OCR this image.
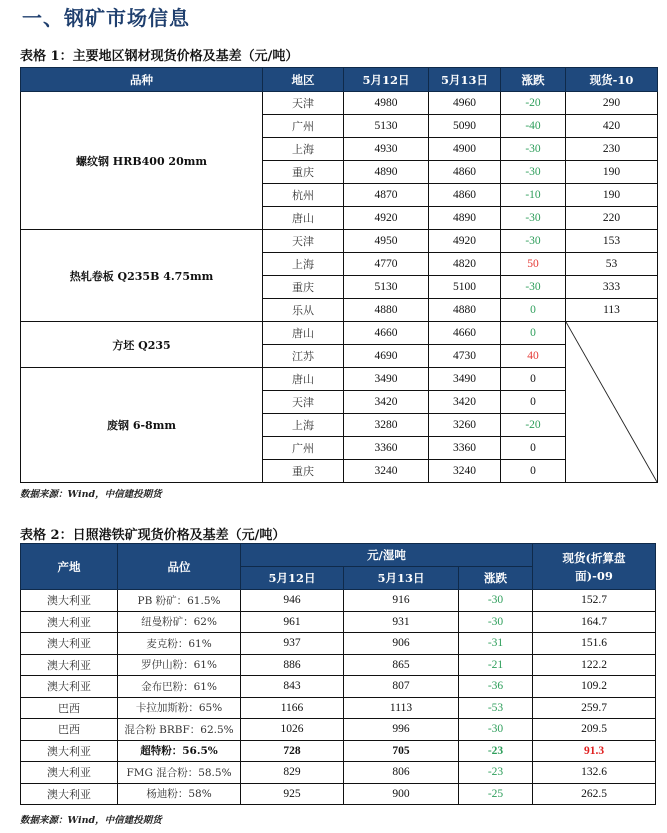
一、钢矿市场信息
表格 1：主要地区钢材现货价格及基差（元/吨）
品种	地区	5月12日	5月13日	涨跌	现货-10
螺纹钢 HRB400 20mm	天津	4980	4960	-20	290
	广州	5130	5090	-40	420
	上海	4930	4900	-30	230
	重庆	4890	4860	-30	190
	杭州	4870	4860	-10	190
	唐山	4920	4890	-30	220
热轧卷板 Q235B 4.75mm	天津	4950	4920	-30	153
	上海	4770	4820	50	53
	重庆	5130	5100	-30	333
	乐从	4880	4880	0	113
方坯 Q235	唐山	4660	4660	0	

	江苏	4690	4730	40	
废钢 6-8mm	唐山	3490	3490	0	
	天津	3420	3420	0	
	上海	3280	3260	-20	
	广州	3360	3360	0	
	重庆	3240	3240	0	
数据来源：Wind，中信建投期货
表格 2：日照港铁矿现货价格及基差（元/吨）
产地	品位	元/湿吨			现货(折算盘面)-09
		5月12日	5月13日	涨跌	
澳大利亚	PB 粉矿：61.5%	946	916	-30	152.7
澳大利亚	纽曼粉矿：62%	961	931	-30	164.7
澳大利亚	麦克粉：61%	937	906	-31	151.6
澳大利亚	罗伊山粉：61%	886	865	-21	122.2
澳大利亚	金布巴粉：61%	843	807	-36	109.2
巴西	卡拉加斯粉：65%	1166	1113	-53	259.7
巴西	混合粉 BRBF：62.5%	1026	996	-30	209.5
澳大利亚	超特粉：56.5%	728	705	-23	91.3
澳大利亚	FMG 混合粉：58.5%	829	806	-23	132.6
澳大利亚	杨迪粉：58%	925	900	-25	262.5
数据来源：Wind，中信建投期货
